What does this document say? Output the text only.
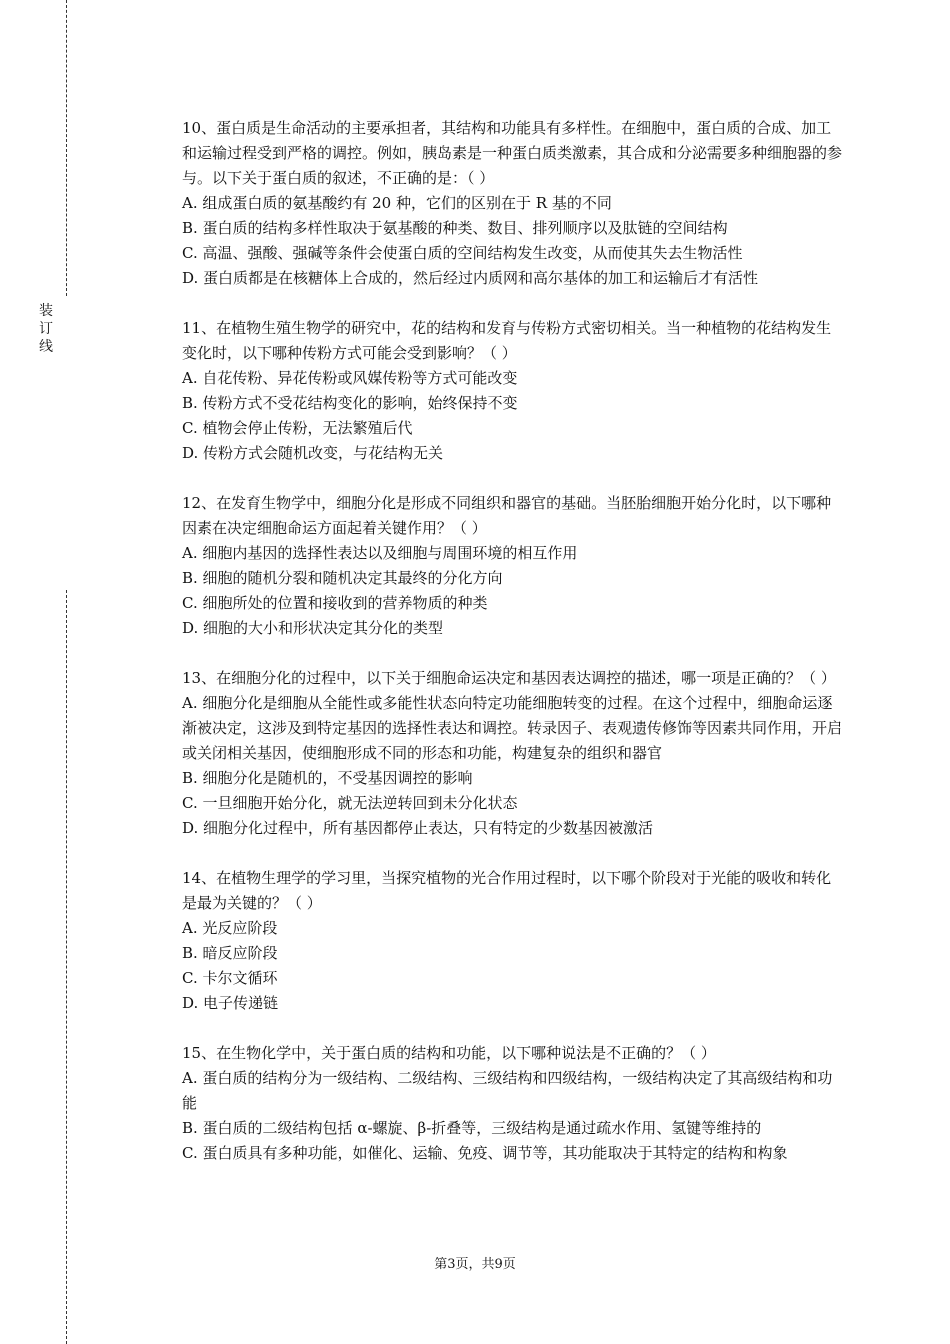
装
订
线

10、蛋白质是生命活动的主要承担者，其结构和功能具有多样性。在细胞中，蛋白质的合成、加工和运输过程受到严格的调控。例如，胰岛素是一种蛋白质类激素，其合成和分泌需要多种细胞器的参与。以下关于蛋白质的叙述，不正确的是：（ ）

A. 组成蛋白质的氨基酸约有 20 种，它们的区别在于 R 基的不同

B. 蛋白质的结构多样性取决于氨基酸的种类、数目、排列顺序以及肽链的空间结构

C. 高温、强酸、强碱等条件会使蛋白质的空间结构发生改变，从而使其失去生物活性

D. 蛋白质都是在核糖体上合成的，然后经过内质网和高尔基体的加工和运输后才有活性

11、在植物生殖生物学的研究中，花的结构和发育与传粉方式密切相关。当一种植物的花结构发生变化时，以下哪种传粉方式可能会受到影响？（ ）

A. 自花传粉、异花传粉或风媒传粉等方式可能改变

B. 传粉方式不受花结构变化的影响，始终保持不变

C. 植物会停止传粉，无法繁殖后代

D. 传粉方式会随机改变，与花结构无关

12、在发育生物学中，细胞分化是形成不同组织和器官的基础。当胚胎细胞开始分化时，以下哪种因素在决定细胞命运方面起着关键作用？（ ）

A. 细胞内基因的选择性表达以及细胞与周围环境的相互作用

B. 细胞的随机分裂和随机决定其最终的分化方向

C. 细胞所处的位置和接收到的营养物质的种类

D. 细胞的大小和形状决定其分化的类型

13、在细胞分化的过程中，以下关于细胞命运决定和基因表达调控的描述，哪一项是正确的？（ ）

A. 细胞分化是细胞从全能性或多能性状态向特定功能细胞转变的过程。在这个过程中，细胞命运逐渐被决定，这涉及到特定基因的选择性表达和调控。转录因子、表观遗传修饰等因素共同作用，开启或关闭相关基因，使细胞形成不同的形态和功能，构建复杂的组织和器官

B. 细胞分化是随机的，不受基因调控的影响

C. 一旦细胞开始分化，就无法逆转回到未分化状态

D. 细胞分化过程中，所有基因都停止表达，只有特定的少数基因被激活

14、在植物生理学的学习里，当探究植物的光合作用过程时，以下哪个阶段对于光能的吸收和转化是最为关键的？（ ）

A. 光反应阶段

B. 暗反应阶段

C. 卡尔文循环

D. 电子传递链

15、在生物化学中，关于蛋白质的结构和功能，以下哪种说法是不正确的？（ ）

A. 蛋白质的结构分为一级结构、二级结构、三级结构和四级结构，一级结构决定了其高级结构和功能

B. 蛋白质的二级结构包括 α-螺旋、β-折叠等，三级结构是通过疏水作用、氢键等维持的

C. 蛋白质具有多种功能，如催化、运输、免疫、调节等，其功能取决于其特定的结构和构象

第3页，共9页
